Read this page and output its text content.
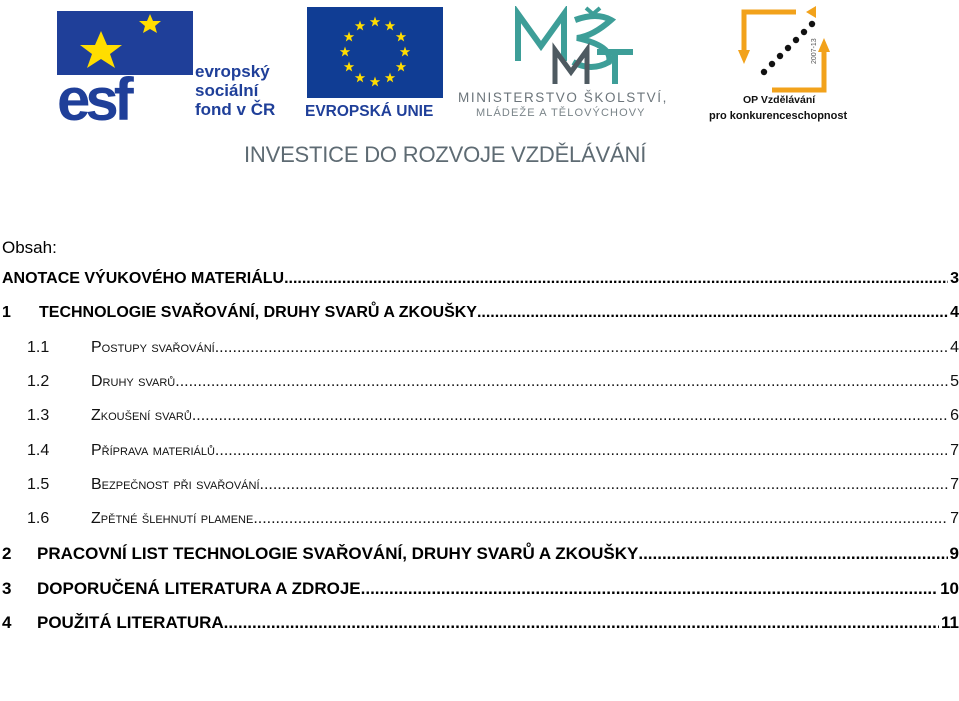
esf	evropský
sociální
fond v ČR EVROPSKÁ UNIE
MINISTERSTVO ŠKOLSTVÍ,
MLÁDEŽE A TĚLOVÝCHOVY
2007-13
OP Vzdělávání
pro konkurenceschopnost
INVESTICE DO ROZVOJE VZDĚLÁVÁNÍ
Obsah:
ANOTACE VÝUKOVÉHO MATERIÁLU .....	3
1	TECHNOLOGIE SVAŘOVÁNÍ, DRUHY SVARŮ A ZKOUŠKY .....	4
1.1	Postupy svařování .....	4
1.2	Druhy svarů .....	5
1.3	Zkoušení svarů .....	6
1.4	Příprava materiálů .....	7
1.5	Bezpečnost při svařování .....	7
1.6	Zpětné šlehnutí plamene .....	7
2	PRACOVNÍ LIST TECHNOLOGIE SVAŘOVÁNÍ, DRUHY SVARŮ A ZKOUŠKY .....	9
3	DOPORUČENÁ LITERATURA A ZDROJE .....	10
4	POUŽITÁ LITERATURA .....	11
